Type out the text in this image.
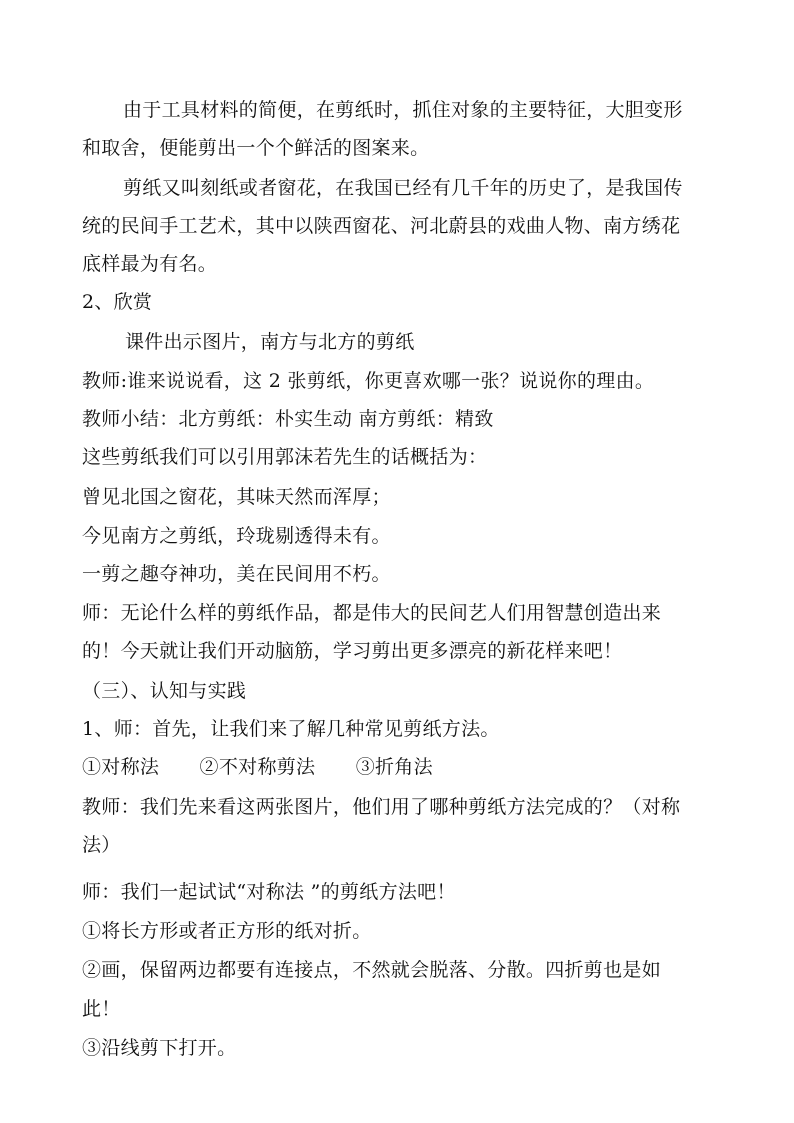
由于工具材料的简便，在剪纸时，抓住对象的主要特征，大胆变形
和取舍，便能剪出一个个鲜活的图案来。
剪纸又叫刻纸或者窗花，在我国已经有几千年的历史了，是我国传
统的民间手工艺术，其中以陕西窗花、河北蔚县的戏曲人物、南方绣花
底样最为有名。
2、欣赏
课件出示图片，南方与北方的剪纸
教师:谁来说说看，这 2 张剪纸，你更喜欢哪一张？说说你的理由。
教师小结：北方剪纸：朴实生动 南方剪纸：精致
这些剪纸我们可以引用郭沫若先生的话概括为：
曾见北国之窗花，其味天然而浑厚；
今见南方之剪纸，玲珑剔透得未有。
一剪之趣夺神功，美在民间用不朽。
师：无论什么样的剪纸作品，都是伟大的民间艺人们用智慧创造出来
的！今天就让我们开动脑筋，学习剪出更多漂亮的新花样来吧！
（三）、认知与实践
1、师：首先，让我们来了解几种常见剪纸方法。
①对称法 ②不对称剪法 ③折角法
教师：我们先来看这两张图片，他们用了哪种剪纸方法完成的？（对称
法）
师：我们一起试试“对称法 ”的剪纸方法吧！
①将长方形或者正方形的纸对折。
②画，保留两边都要有连接点，不然就会脱落、分散。四折剪也是如
此！
③沿线剪下打开。
